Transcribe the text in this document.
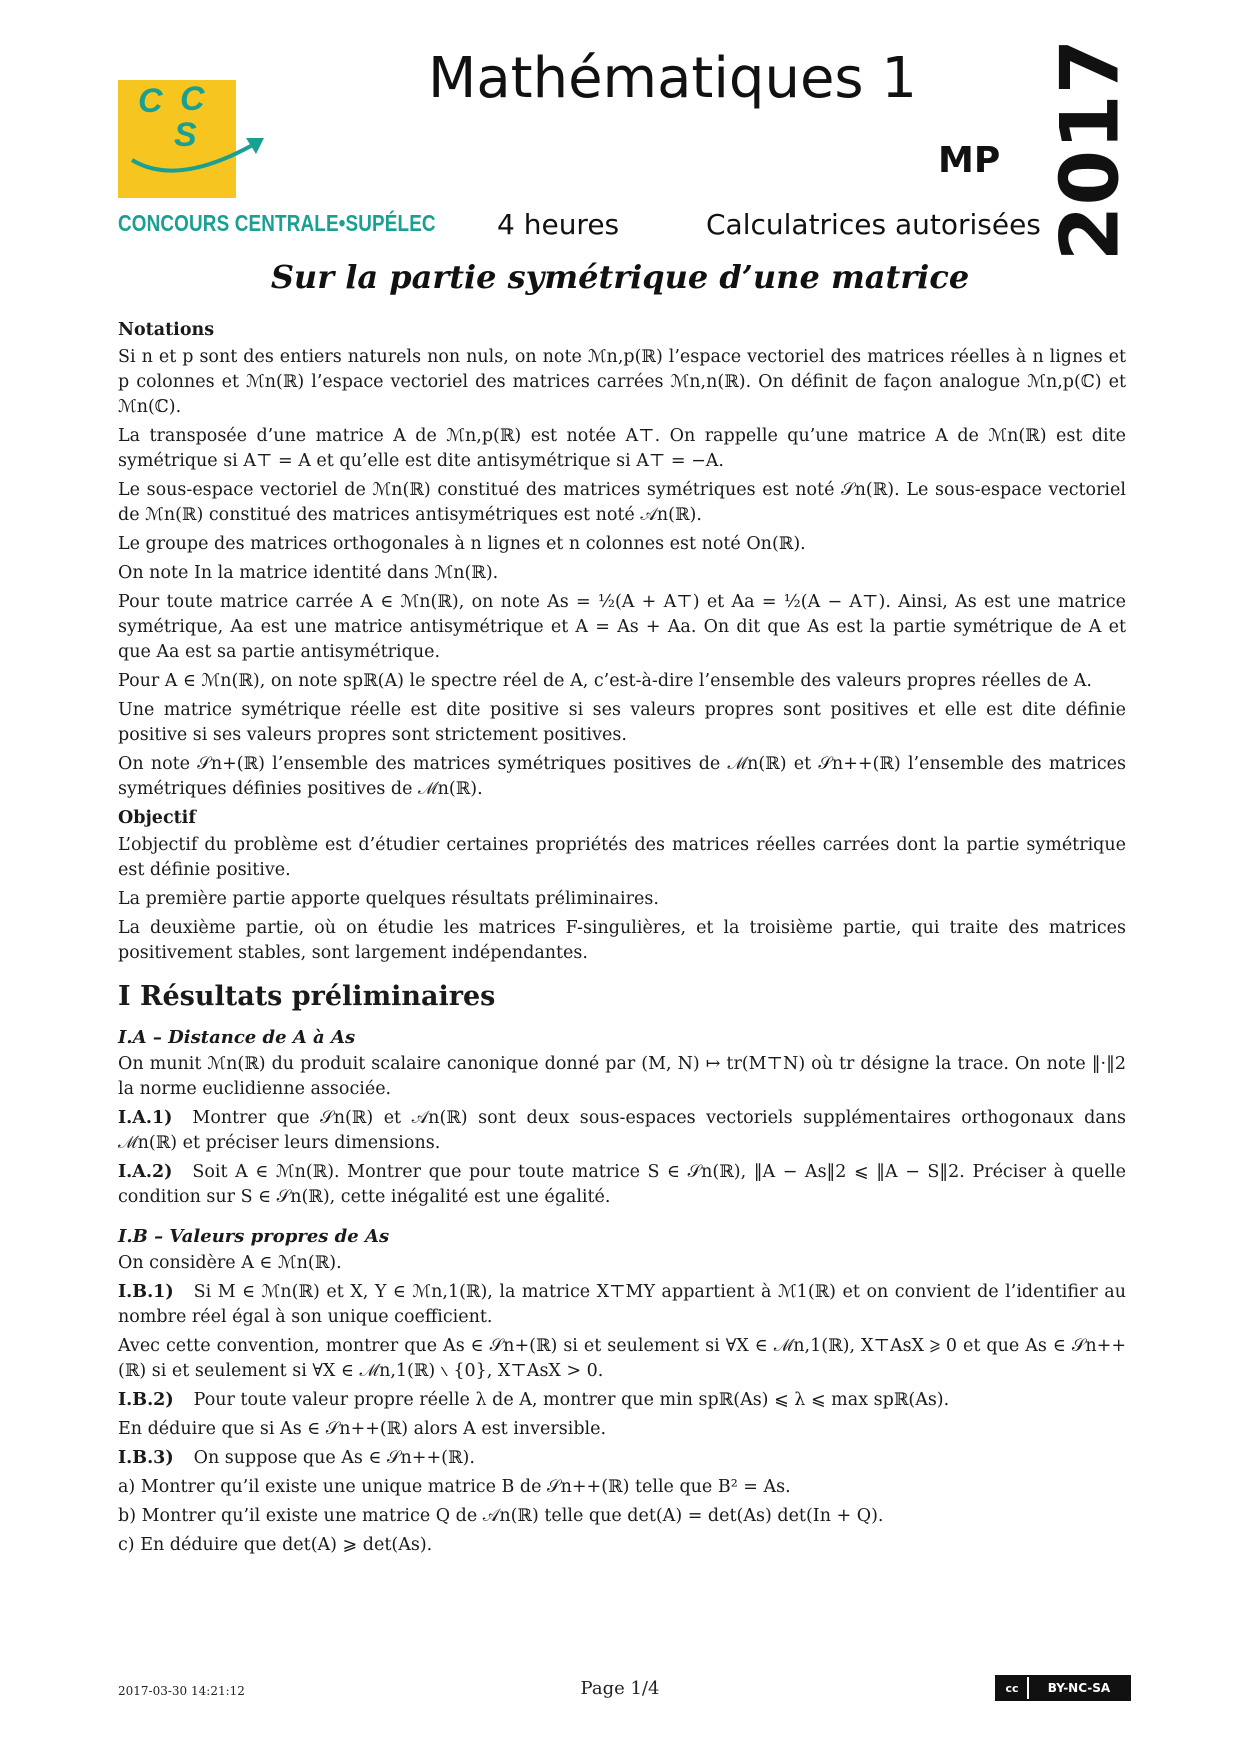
C C
S
CONCOURS CENTRALE•SUPÉLEC
Mathématiques 1
MP
4 heures	Calculatrices autorisées 2017
Sur la partie symétrique d’une matrice

Notations

Si n et p sont des entiers naturels non nuls, on note ℳn,p(ℝ) l’espace vectoriel des matrices réelles à n lignes et p colonnes et ℳn(ℝ) l’espace vectoriel des matrices carrées ℳn,n(ℝ). On définit de façon analogue ℳn,p(ℂ) et ℳn(ℂ).

La transposée d’une matrice A de ℳn,p(ℝ) est notée A⊤. On rappelle qu’une matrice A de ℳn(ℝ) est dite symétrique si A⊤ = A et qu’elle est dite antisymétrique si A⊤ = −A.

Le sous-espace vectoriel de ℳn(ℝ) constitué des matrices symétriques est noté 𝒮n(ℝ). Le sous-espace vectoriel de ℳn(ℝ) constitué des matrices antisymétriques est noté 𝒜n(ℝ).

Le groupe des matrices orthogonales à n lignes et n colonnes est noté On(ℝ).

On note In la matrice identité dans ℳn(ℝ).

Pour toute matrice carrée A ∈ ℳn(ℝ), on note As = ½(A + A⊤) et Aa = ½(A − A⊤). Ainsi, As est une matrice symétrique, Aa est une matrice antisymétrique et A = As + Aa. On dit que As est la partie symétrique de A et que Aa est sa partie antisymétrique.

Pour A ∈ ℳn(ℝ), on note spℝ(A) le spectre réel de A, c’est-à-dire l’ensemble des valeurs propres réelles de A.

Une matrice symétrique réelle est dite positive si ses valeurs propres sont positives et elle est dite définie positive si ses valeurs propres sont strictement positives.

On note 𝒮n+(ℝ) l’ensemble des matrices symétriques positives de ℳn(ℝ) et 𝒮n++(ℝ) l’ensemble des matrices symétriques définies positives de ℳn(ℝ).

Objectif

L’objectif du problème est d’étudier certaines propriétés des matrices réelles carrées dont la partie symétrique est définie positive.

La première partie apporte quelques résultats préliminaires.

La deuxième partie, où on étudie les matrices F-singulières, et la troisième partie, qui traite des matrices positivement stables, sont largement indépendantes.

I Résultats préliminaires
I.A – Distance de A à As

On munit ℳn(ℝ) du produit scalaire canonique donné par (M, N) ↦ tr(M⊤N) où tr désigne la trace. On note ‖·‖2 la norme euclidienne associée.

I.A.1) Montrer que 𝒮n(ℝ) et 𝒜n(ℝ) sont deux sous-espaces vectoriels supplémentaires orthogonaux dans ℳn(ℝ) et préciser leurs dimensions.

I.A.2) Soit A ∈ ℳn(ℝ). Montrer que pour toute matrice S ∈ 𝒮n(ℝ), ‖A − As‖2 ⩽ ‖A − S‖2. Préciser à quelle condition sur S ∈ 𝒮n(ℝ), cette inégalité est une égalité.

I.B – Valeurs propres de As

On considère A ∈ ℳn(ℝ).

I.B.1) Si M ∈ ℳn(ℝ) et X, Y ∈ ℳn,1(ℝ), la matrice X⊤MY appartient à ℳ1(ℝ) et on convient de l’identifier au nombre réel égal à son unique coefficient.

Avec cette convention, montrer que As ∈ 𝒮n+(ℝ) si et seulement si ∀X ∈ ℳn,1(ℝ), X⊤AsX ⩾ 0 et que As ∈ 𝒮n++(ℝ) si et seulement si ∀X ∈ ℳn,1(ℝ) ∖ {0}, X⊤AsX > 0.

I.B.2) Pour toute valeur propre réelle λ de A, montrer que min spℝ(As) ⩽ λ ⩽ max spℝ(As).

En déduire que si As ∈ 𝒮n++(ℝ) alors A est inversible.

I.B.3) On suppose que As ∈ 𝒮n++(ℝ).

a) Montrer qu’il existe une unique matrice B de 𝒮n++(ℝ) telle que B² = As.

b) Montrer qu’il existe une matrice Q de 𝒜n(ℝ) telle que det(A) = det(As) det(In + Q).

c) En déduire que det(A) ⩾ det(As).

2017-03-30 14:21:12	Page 1/4	cc	BY-NC-SA
